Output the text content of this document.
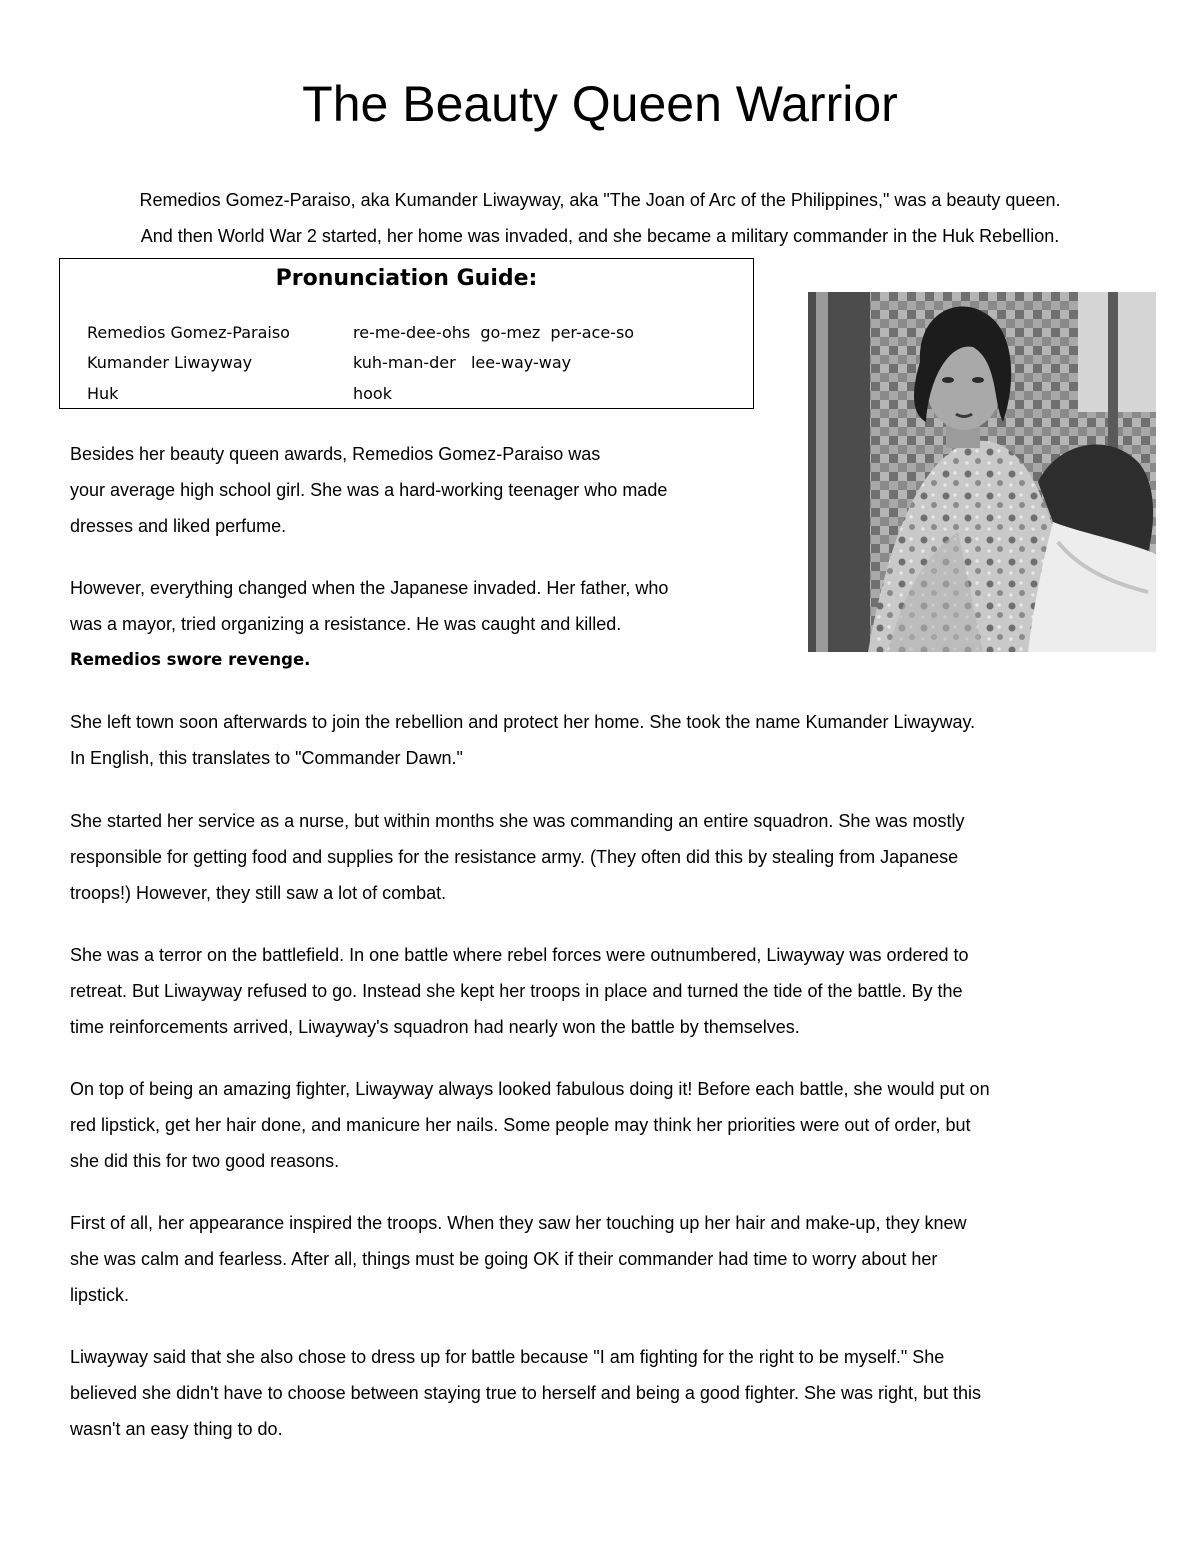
The Beauty Queen Warrior
Remedios Gomez-Paraiso, aka Kumander Liwayway, aka "The Joan of Arc of the Philippines," was a beauty queen.
And then World War 2 started, her home was invaded, and she became a military commander in the Huk Rebellion.
Pronunciation Guide:
Remedios Gomez-Paraiso	re-me-dee-ohs  go-mez  per-ace-so
Kumander Liwayway	kuh-man-der   lee-way-way
Huk	hook
Besides her beauty queen awards, Remedios Gomez-Paraiso was
your average high school girl. She was a hard-working teenager who made
dresses and liked perfume.
However, everything changed when the Japanese invaded. Her father, who
was a mayor, tried organizing a resistance. He was caught and killed.
Remedios swore revenge.
She left town soon afterwards to join the rebellion and protect her home. She took the name Kumander Liwayway.
In English, this translates to "Commander Dawn."
She started her service as a nurse, but within months she was commanding an entire squadron. She was mostly
responsible for getting food and supplies for the resistance army. (They often did this by stealing from Japanese
troops!) However, they still saw a lot of combat.
She was a terror on the battlefield. In one battle where rebel forces were outnumbered, Liwayway was ordered to
retreat. But Liwayway refused to go. Instead she kept her troops in place and turned the tide of the battle. By the
time reinforcements arrived, Liwayway's squadron had nearly won the battle by themselves.
On top of being an amazing fighter, Liwayway always looked fabulous doing it! Before each battle, she would put on
red lipstick, get her hair done, and manicure her nails. Some people may think her priorities were out of order, but
she did this for two good reasons.
First of all, her appearance inspired the troops. When they saw her touching up her hair and make-up, they knew
she was calm and fearless. After all, things must be going OK if their commander had time to worry about her
lipstick.
Liwayway said that she also chose to dress up for battle because "I am fighting for the right to be myself." She
believed she didn't have to choose between staying true to herself and being a good fighter. She was right, but this
wasn't an easy thing to do.
